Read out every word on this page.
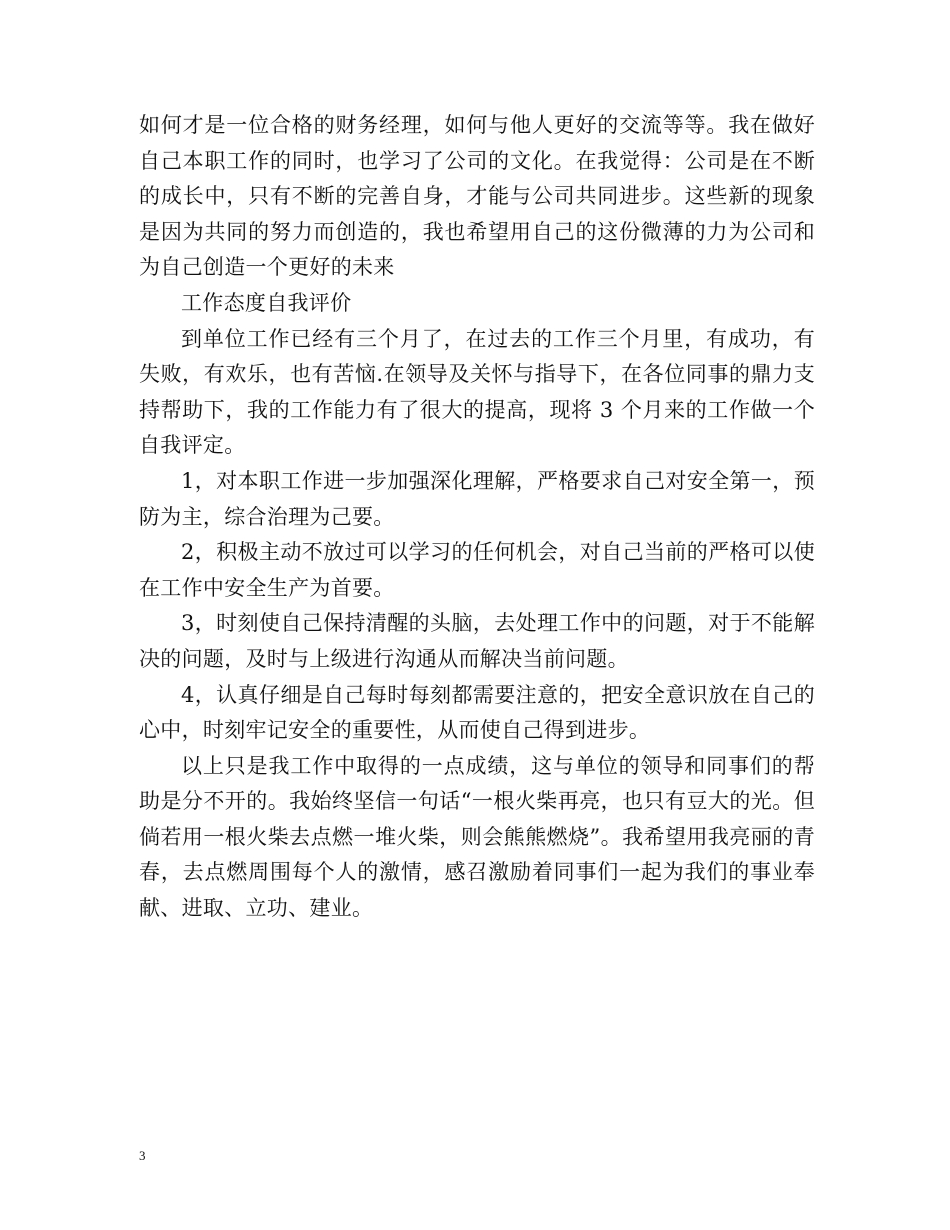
如何才是一位合格的财务经理，如何与他人更好的交流等等。我在做好自己本职工作的同时，也学习了公司的文化。在我觉得：公司是在不断的成长中，只有不断的完善自身，才能与公司共同进步。这些新的现象是因为共同的努力而创造的，我也希望用自己的这份微薄的力为公司和为自己创造一个更好的未来

工作态度自我评价

到单位工作已经有三个月了，在过去的工作三个月里，有成功，有失败，有欢乐，也有苦恼.在领导及关怀与指导下，在各位同事的鼎力支持帮助下，我的工作能力有了很大的提高，现将 3 个月来的工作做一个自我评定。

1，对本职工作进一步加强深化理解，严格要求自己对安全第一，预防为主，综合治理为己要。

2，积极主动不放过可以学习的任何机会，对自己当前的严格可以使在工作中安全生产为首要。

3，时刻使自己保持清醒的头脑，去处理工作中的问题，对于不能解决的问题，及时与上级进行沟通从而解决当前问题。

4，认真仔细是自己每时每刻都需要注意的，把安全意识放在自己的心中，时刻牢记安全的重要性，从而使自己得到进步。

以上只是我工作中取得的一点成绩，这与单位的领导和同事们的帮助是分不开的。我始终坚信一句话“一根火柴再亮，也只有豆大的光。但倘若用一根火柴去点燃一堆火柴，则会熊熊燃烧”。我希望用我亮丽的青春，去点燃周围每个人的激情，感召激励着同事们一起为我们的事业奉献、进取、立功、建业。

3
